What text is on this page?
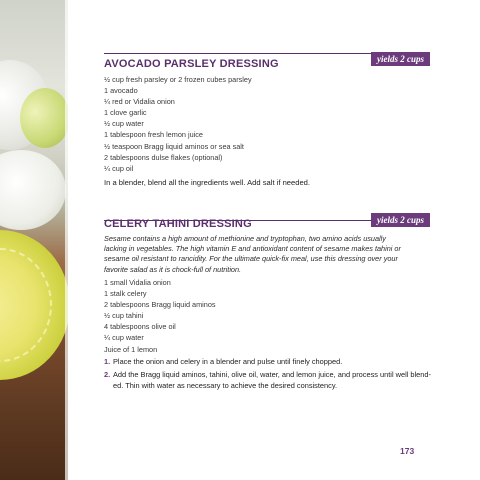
yields 2 cups
AVOCADO PARSLEY DRESSING
½ cup fresh parsley or 2 frozen cubes parsley
1 avocado
¼ red or Vidalia onion
1 clove garlic
½ cup water
1 tablespoon fresh lemon juice
½ teaspoon Bragg liquid aminos or sea salt
2 tablespoons dulse flakes (optional)
¼ cup oil
In a blender, blend all the ingredients well. Add salt if needed.
yields 2 cups
CELERY TAHINI DRESSING

Sesame contains a high amount of methionine and tryptophan, two amino acids usually lacking in vegetables. The high vitamin E and antioxidant content of sesame makes tahini or sesame oil resistant to rancidity. For the ultimate quick-fix meal, use this dressing over your favorite salad as it is chock-full of nutrition.

1 small Vidalia onion
1 stalk celery
2 tablespoons Bragg liquid aminos
½ cup tahini
4 tablespoons olive oil
¼ cup water
Juice of 1 lemon
1. Place the onion and celery in a blender and pulse until finely chopped.
2. Add the Bragg liquid aminos, tahini, olive oil, water, and lemon juice, and process until well blend-ed. Thin with water as necessary to achieve the desired consistency.
173
